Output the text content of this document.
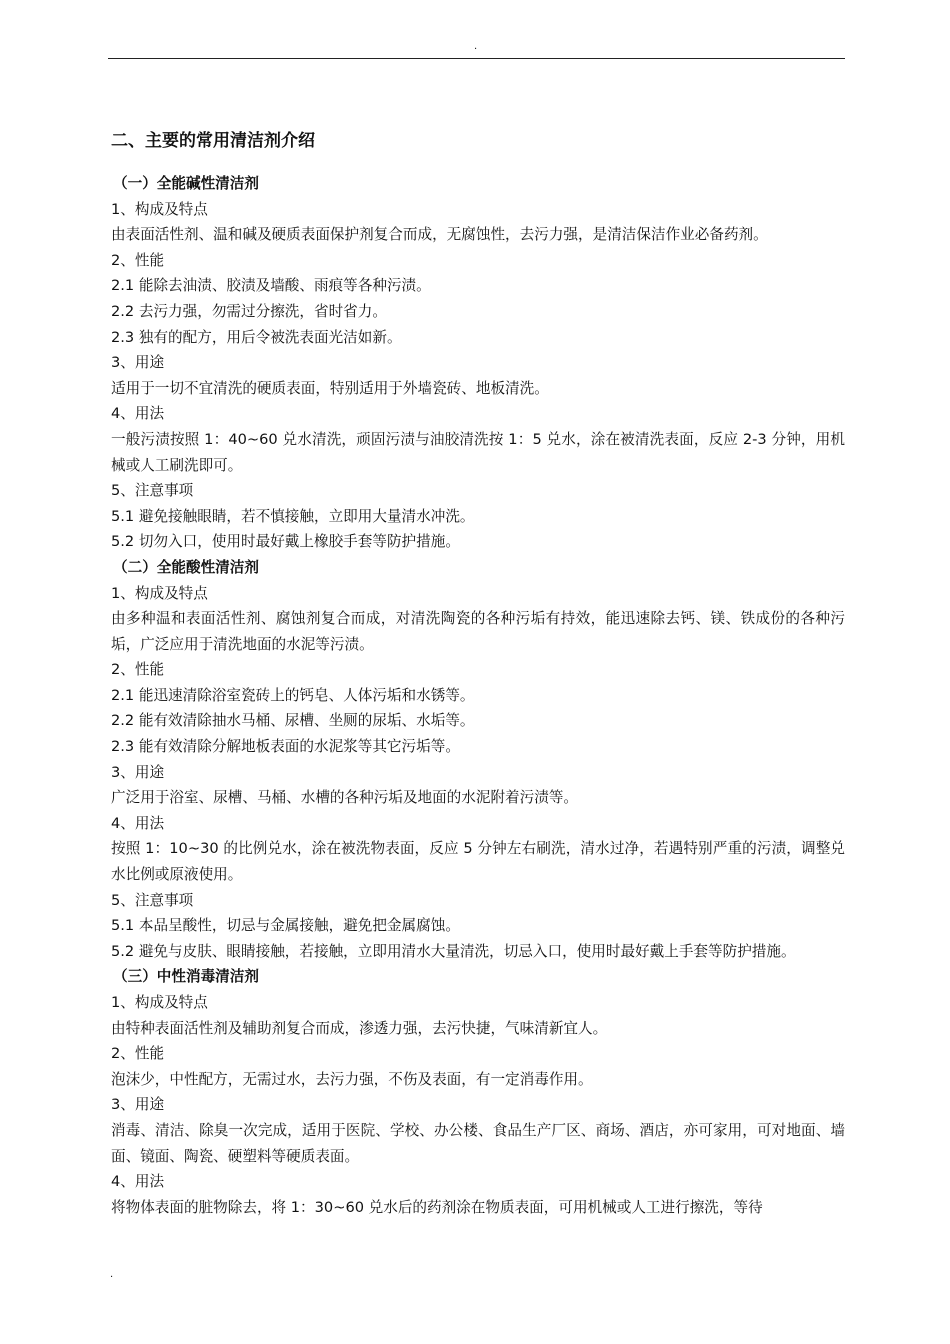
.
二、主要的常用清洁剂介绍
（一）全能碱性清洁剂
1、构成及特点
由表面活性剂、温和碱及硬质表面保护剂复合而成，无腐蚀性，去污力强，是清洁保洁作业必备药剂。
2、性能
2.1 能除去油渍、胶渍及墙酸、雨痕等各种污渍。
2.2 去污力强，勿需过分擦洗，省时省力。
2.3 独有的配方，用后令被洗表面光洁如新。
3、用途
适用于一切不宜清洗的硬质表面，特别适用于外墙瓷砖、地板清洗。
4、用法
一般污渍按照 1：40~60 兑水清洗，顽固污渍与油胶清洗按 1：5 兑水，涂在被清洗表面，反应 2-3 分钟，用机械或人工刷洗即可。
5、注意事项
5.1 避免接触眼睛，若不慎接触，立即用大量清水冲洗。
5.2 切勿入口，使用时最好戴上橡胶手套等防护措施。
（二）全能酸性清洁剂
1、构成及特点
由多种温和表面活性剂、腐蚀剂复合而成，对清洗陶瓷的各种污垢有持效，能迅速除去钙、镁、铁成份的各种污垢，广泛应用于清洗地面的水泥等污渍。
2、性能
2.1 能迅速清除浴室瓷砖上的钙皂、人体污垢和水锈等。
2.2 能有效清除抽水马桶、尿槽、坐厕的尿垢、水垢等。
2.3 能有效清除分解地板表面的水泥浆等其它污垢等。
3、用途
广泛用于浴室、尿槽、马桶、水槽的各种污垢及地面的水泥附着污渍等。
4、用法
按照 1：10~30 的比例兑水，涂在被洗物表面，反应 5 分钟左右刷洗，清水过净，若遇特别严重的污渍，调整兑水比例或原液使用。
5、注意事项
5.1 本品呈酸性，切忌与金属接触，避免把金属腐蚀。
5.2 避免与皮肤、眼睛接触，若接触，立即用清水大量清洗，切忌入口，使用时最好戴上手套等防护措施。
（三）中性消毒清洁剂
1、构成及特点
由特种表面活性剂及辅助剂复合而成，渗透力强，去污快捷，气味清新宜人。
2、性能
泡沫少，中性配方，无需过水，去污力强，不伤及表面，有一定消毒作用。
3、用途
消毒、清洁、除臭一次完成，适用于医院、学校、办公楼、食品生产厂区、商场、酒店，亦可家用，可对地面、墙面、镜面、陶瓷、硬塑料等硬质表面。
4、用法
将物体表面的脏物除去，将 1：30~60 兑水后的药剂涂在物质表面，可用机械或人工进行擦洗，等待
.
